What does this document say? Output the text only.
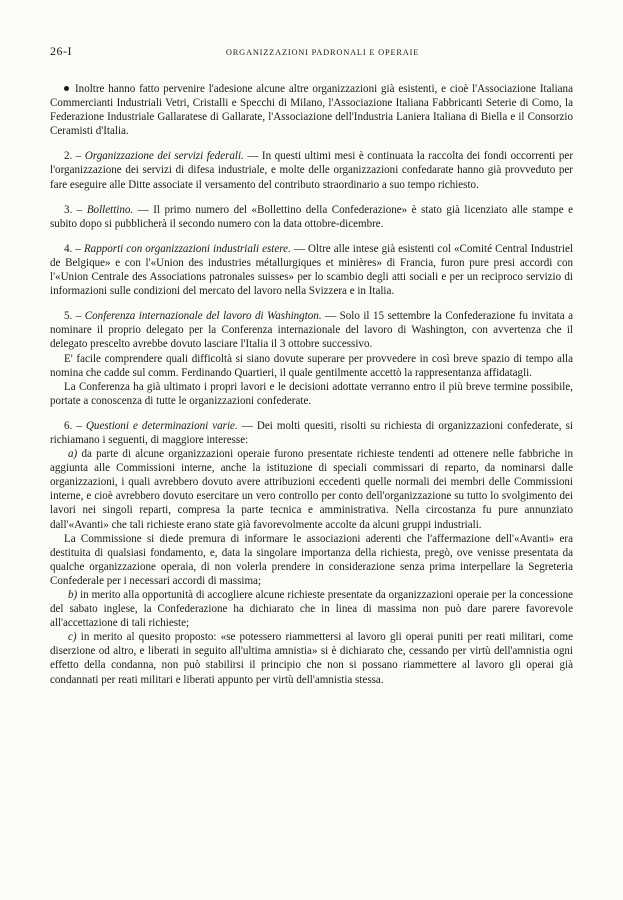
26-I	ORGANIZZAZIONI PADRONALI E OPERAIE

Inoltre hanno fatto pervenire l'adesione alcune altre organizzazioni già esistenti, e cioè l'Associazione Italiana Commercianti Industriali Vetri, Cristalli e Specchi di Milano, l'Associazione Italiana Fabbricanti Seterie di Como, la Federazione Industriale Gallaratese di Gallarate, l'Associazione dell'Industria Laniera Italiana di Biella e il Consorzio Ceramisti d'Italia.

2. – Organizzazione dei servizi federali. — In questi ultimi mesi è continuata la raccolta dei fondi occorrenti per l'organizzazione dei servizi di difesa industriale, e molte delle organizzazioni confedarate hanno già provveduto per fare eseguire alle Ditte associate il versamento del contributo straordinario a suo tempo richiesto.

3. – Bollettino. — Il primo numero del «Bollettino della Confederazione» è stato già licenziato alle stampe e subito dopo si pubblicherà il secondo numero con la data ottobre-dicembre.

4. – Rapporti con organizzazioni industriali estere. — Oltre alle intese già esistenti col «Comité Central Industriel de Belgique» e con l'«Union des industries métallurgiques et minières» di Francia, furon pure presi accordi con l'«Union Centrale des Associations patronales suisses» per lo scambio degli atti sociali e per un reciproco servizio di informazioni sulle condizioni del mercato del lavoro nella Svizzera e in Italia.

5. – Conferenza internazionale del lavoro di Washington. — Solo il 15 settembre la Confederazione fu invitata a nominare il proprio delegato per la Conferenza internazionale del lavoro di Washington, con avvertenza che il delegato prescelto avrebbe dovuto lasciare l'Italia il 3 ottobre successivo.

E' facile comprendere quali difficoltà si siano dovute superare per provvedere in così breve spazio di tempo alla nomina che cadde sul comm. Ferdinando Quartieri, il quale gentilmente accettò la rappresentanza affidatagli.

La Conferenza ha già ultimato i propri lavori e le decisioni adottate verranno entro il più breve termine possibile, portate a conoscenza di tutte le organizzazioni confederate.

6. – Questioni e determinazioni varie. — Dei molti quesiti, risolti su richiesta di organizzazioni confederate, si richiamano i seguenti, di maggiore interesse:

a) da parte di alcune organizzazioni operaie furono presentate richieste tendenti ad ottenere nelle fabbriche in aggiunta alle Commissioni interne, anche la istituzione di speciali commissari di reparto, da nominarsi dalle organizzazioni, i quali avrebbero dovuto avere attribuzioni eccedenti quelle normali dei membri delle Commissioni interne, e cioè avrebbero dovuto esercitare un vero controllo per conto dell'organizzazione su tutto lo svolgimento dei lavori nei singoli reparti, compresa la parte tecnica e amministrativa. Nella circostanza fu pure annunziato dall'«Avanti» che tali richieste erano state già favorevolmente accolte da alcuni gruppi industriali.

La Commissione si diede premura di informare le associazioni aderenti che l'affermazione dell'«Avanti» era destituita di qualsiasi fondamento, e, data la singolare importanza della richiesta, pregò, ove venisse presentata da qualche organizzazione operaia, di non volerla prendere in considerazione senza prima interpellare la Segreteria Confederale per i necessari accordi di massima;

b) in merito alla opportunità di accogliere alcune richieste presentate da organizzazioni operaie per la concessione del sabato inglese, la Confederazione ha dichiarato che in linea di massima non può dare parere favorevole all'accettazione di tali richieste;

c) in merito al quesito proposto: «se potessero riammettersi al lavoro gli operai puniti per reati militari, come diserzione od altro, e liberati in seguito all'ultima amnistia» si è dichiarato che, cessando per virtù dell'amnistia ogni effetto della condanna, non può stabilirsi il principio che non si possano riammettere al lavoro gli operai già condannati per reati militari e liberati appunto per virtù dell'amnistia stessa.
